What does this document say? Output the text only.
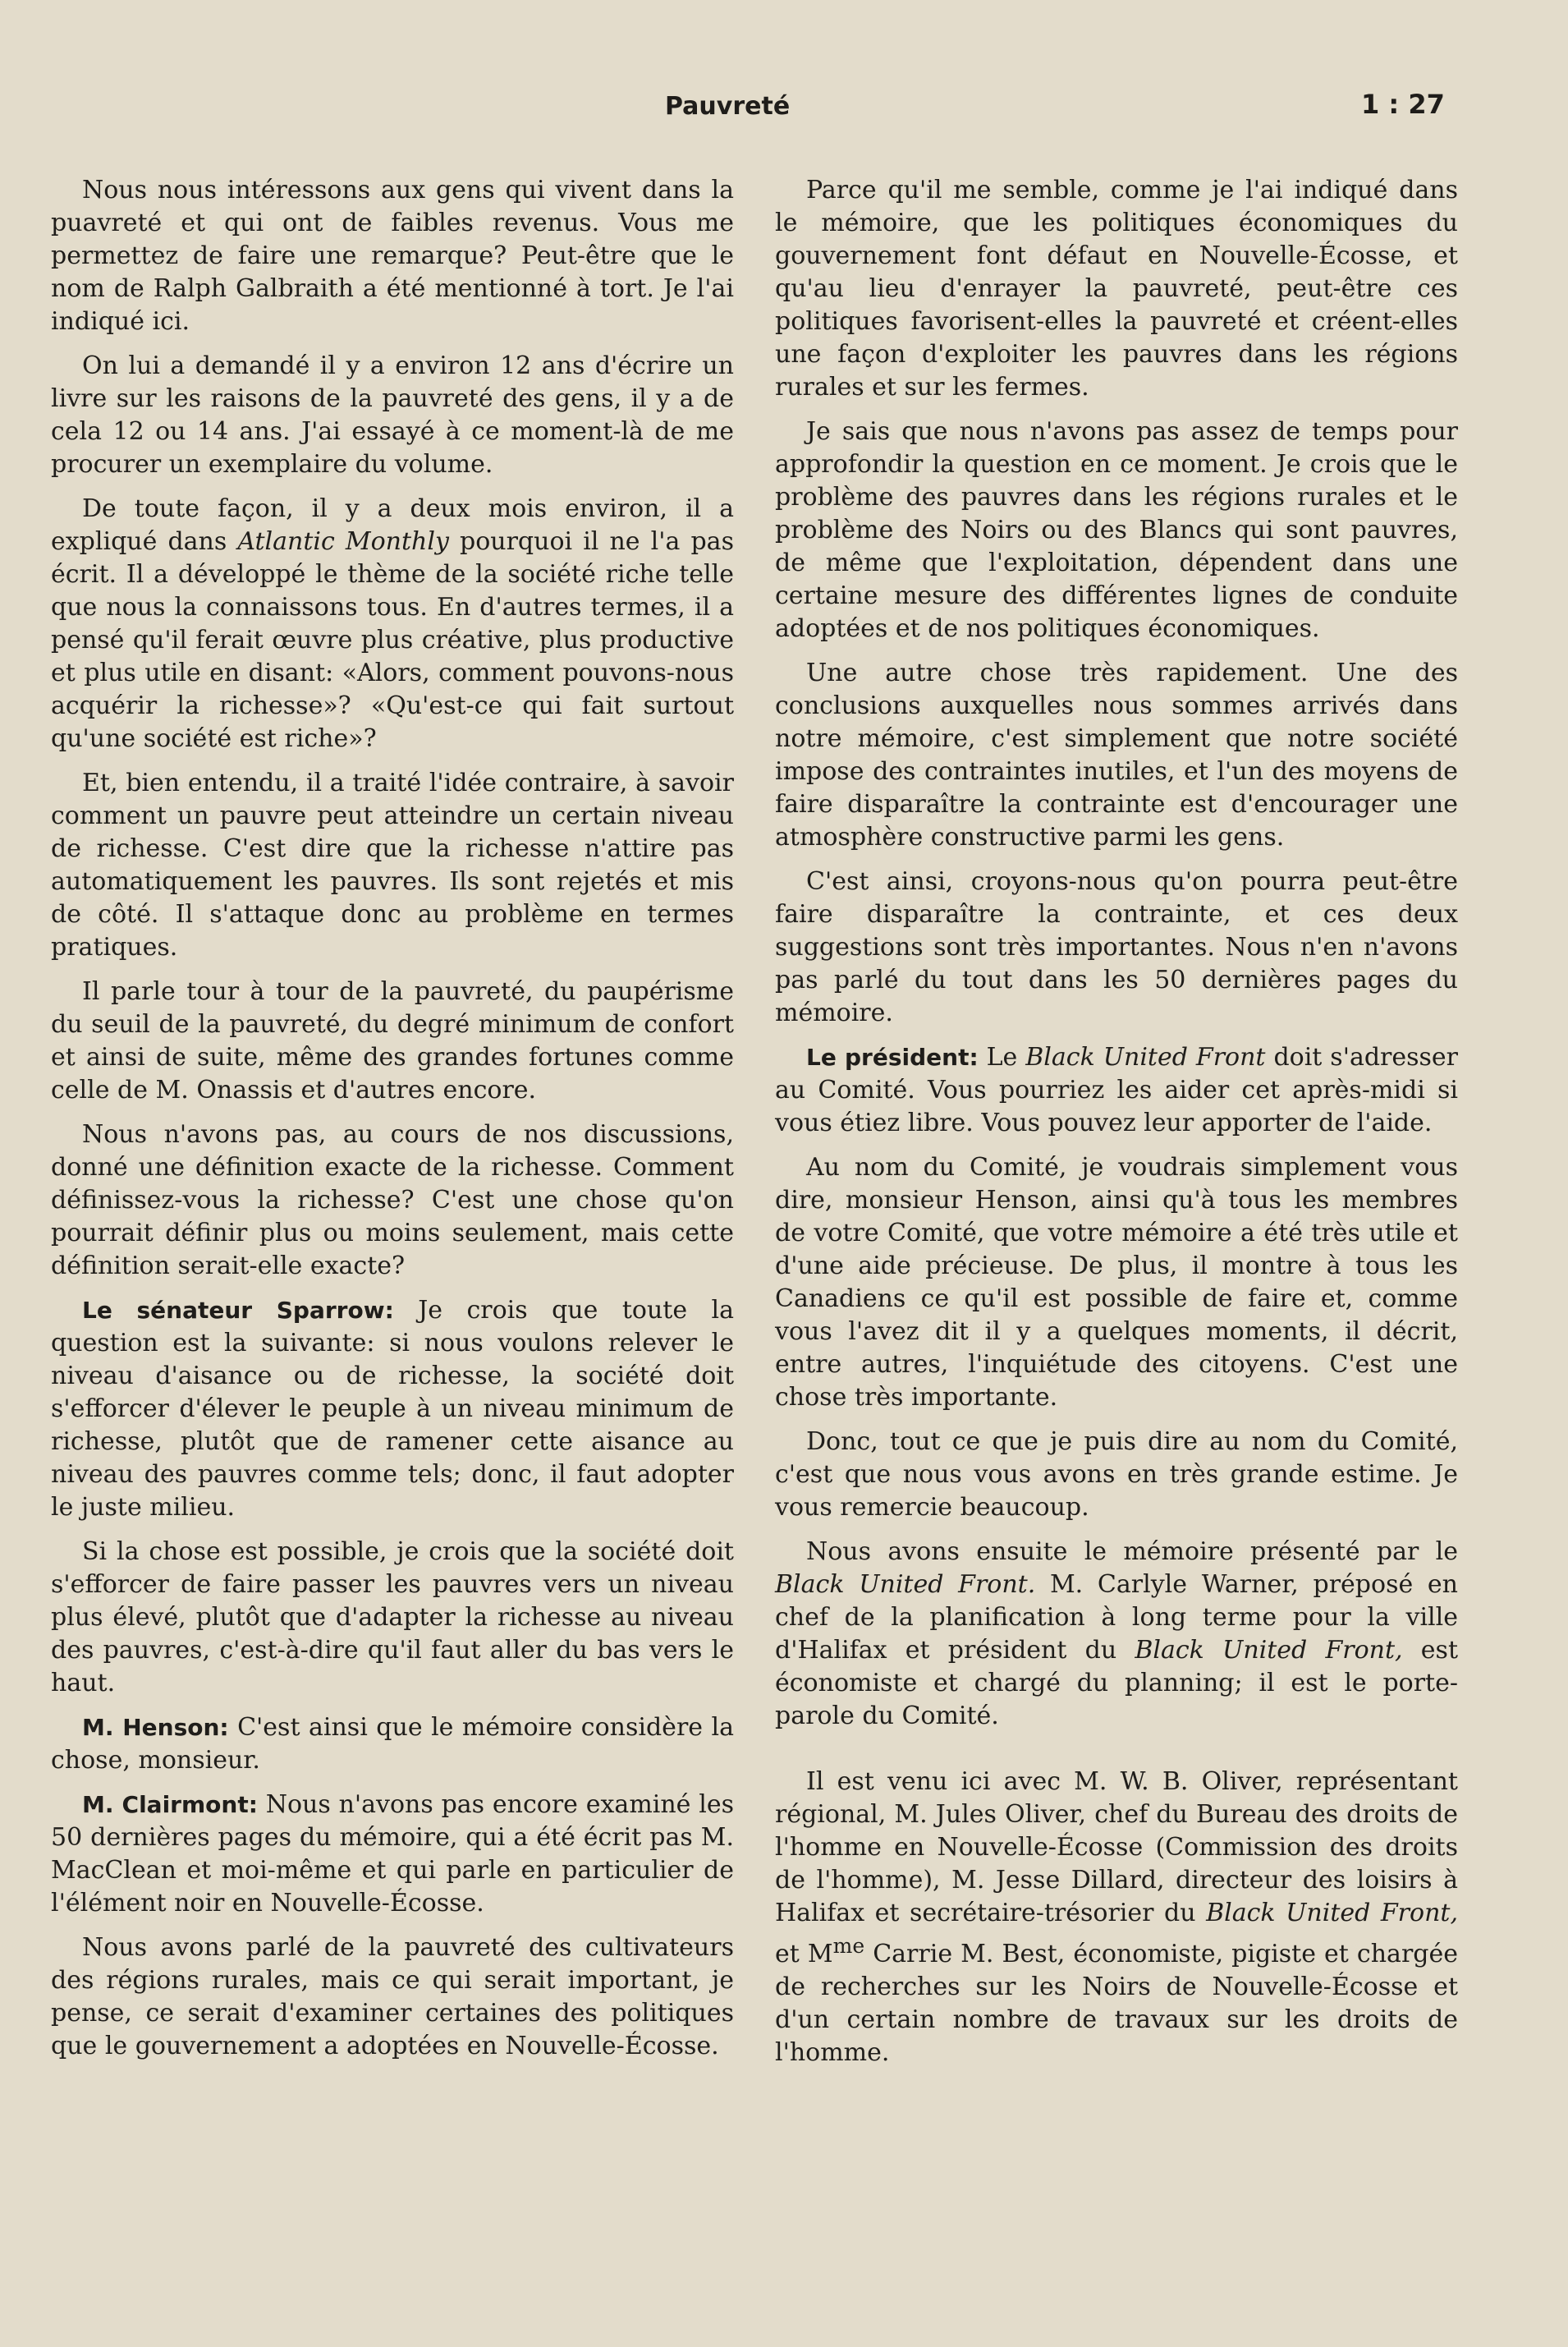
Pauvreté	1 : 27

Nous nous intéressons aux gens qui vivent dans la puavreté et qui ont de faibles revenus. Vous me permettez de faire une remarque? Peut-être que le nom de Ralph Galbraith a été mentionné à tort. Je l'ai indiqué ici.

On lui a demandé il y a environ 12 ans d'écrire un livre sur les raisons de la pauvreté des gens, il y a de cela 12 ou 14 ans. J'ai essayé à ce moment-là de me procurer un exemplaire du volume.

De toute façon, il y a deux mois environ, il a expliqué dans Atlantic Monthly pourquoi il ne l'a pas écrit. Il a développé le thème de la société riche telle que nous la connaissons tous. En d'autres termes, il a pensé qu'il ferait œuvre plus créative, plus productive et plus utile en disant: «Alors, comment pouvons-nous acquérir la richesse»? «Qu'est-ce qui fait surtout qu'une société est riche»?

Et, bien entendu, il a traité l'idée contraire, à savoir comment un pauvre peut atteindre un certain niveau de richesse. C'est dire que la richesse n'attire pas automatiquement les pauvres. Ils sont rejetés et mis de côté. Il s'attaque donc au problème en termes pratiques.

Il parle tour à tour de la pauvreté, du paupérisme du seuil de la pauvreté, du degré minimum de confort et ainsi de suite, même des grandes fortunes comme celle de M. Onassis et d'autres encore.

Nous n'avons pas, au cours de nos discussions, donné une définition exacte de la richesse. Comment définissez-vous la richesse? C'est une chose qu'on pourrait définir plus ou moins seulement, mais cette définition serait-elle exacte?

Le sénateur Sparrow: Je crois que toute la question est la suivante: si nous voulons relever le niveau d'aisance ou de richesse, la société doit s'efforcer d'élever le peuple à un niveau minimum de richesse, plutôt que de ramener cette aisance au niveau des pauvres comme tels; donc, il faut adopter le juste milieu.

Si la chose est possible, je crois que la société doit s'efforcer de faire passer les pauvres vers un niveau plus élevé, plutôt que d'adapter la richesse au niveau des pauvres, c'est-à-dire qu'il faut aller du bas vers le haut.

M. Henson: C'est ainsi que le mémoire considère la chose, monsieur.

M. Clairmont: Nous n'avons pas encore examiné les 50 dernières pages du mémoire, qui a été écrit pas M. MacClean et moi-même et qui parle en particulier de l'élément noir en Nouvelle-Écosse.

Nous avons parlé de la pauvreté des cultivateurs des régions rurales, mais ce qui serait important, je pense, ce serait d'examiner certaines des politiques que le gouvernement a adoptées en Nouvelle-Écosse.

Parce qu'il me semble, comme je l'ai indiqué dans le mémoire, que les politiques économiques du gouvernement font défaut en Nouvelle-Écosse, et qu'au lieu d'enrayer la pauvreté, peut-être ces politiques favorisent-elles la pauvreté et créent-elles une façon d'exploiter les pauvres dans les régions rurales et sur les fermes.

Je sais que nous n'avons pas assez de temps pour approfondir la question en ce moment. Je crois que le problème des pauvres dans les régions rurales et le problème des Noirs ou des Blancs qui sont pauvres, de même que l'exploitation, dépendent dans une certaine mesure des différentes lignes de conduite adoptées et de nos politiques économiques.

Une autre chose très rapidement. Une des conclusions auxquelles nous sommes arrivés dans notre mémoire, c'est simplement que notre société impose des contraintes inutiles, et l'un des moyens de faire disparaître la contrainte est d'encourager une atmosphère constructive parmi les gens.

C'est ainsi, croyons-nous qu'on pourra peut-être faire disparaître la contrainte, et ces deux suggestions sont très importantes. Nous n'en n'avons pas parlé du tout dans les 50 dernières pages du mémoire.

Le président: Le Black United Front doit s'adresser au Comité. Vous pourriez les aider cet après-midi si vous étiez libre. Vous pouvez leur apporter de l'aide.

Au nom du Comité, je voudrais simplement vous dire, monsieur Henson, ainsi qu'à tous les membres de votre Comité, que votre mémoire a été très utile et d'une aide précieuse. De plus, il montre à tous les Canadiens ce qu'il est possible de faire et, comme vous l'avez dit il y a quelques moments, il décrit, entre autres, l'inquiétude des citoyens. C'est une chose très importante.

Donc, tout ce que je puis dire au nom du Comité, c'est que nous vous avons en très grande estime. Je vous remercie beaucoup.

Nous avons ensuite le mémoire présenté par le Black United Front. M. Carlyle Warner, préposé en chef de la planification à long terme pour la ville d'Halifax et président du Black United Front, est économiste et chargé du planning; il est le porte-parole du Comité.

Il est venu ici avec M. W. B. Oliver, représentant régional, M. Jules Oliver, chef du Bureau des droits de l'homme en Nouvelle-Écosse (Commission des droits de l'homme), M. Jesse Dillard, directeur des loisirs à Halifax et secrétaire-trésorier du Black United Front, et $M^{me}$ Carrie M. Best, économiste, pigiste et chargée de recherches sur les Noirs de Nouvelle-Écosse et d'un certain nombre de travaux sur les droits de l'homme.
